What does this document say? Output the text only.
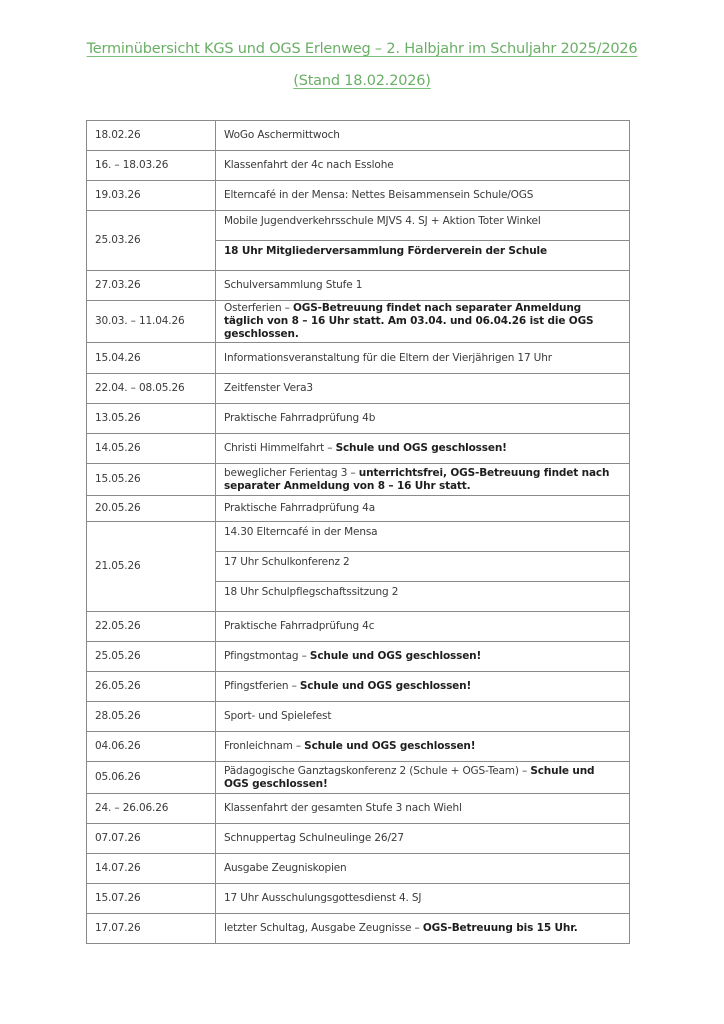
Terminübersicht KGS und OGS Erlenweg – 2. Halbjahr im Schuljahr 2025/2026
(Stand 18.02.2026)
18.02.26	WoGo Aschermittwoch
16. – 18.03.26	Klassenfahrt der 4c nach Esslohe
19.03.26	Elterncafé in der Mensa: Nettes Beisammensein Schule/OGS
25.03.26	Mobile Jugendverkehrsschule MJVS 4. SJ + Aktion Toter Winkel
	18 Uhr Mitgliederversammlung Förderverein der Schule
27.03.26	Schulversammlung Stufe 1
30.03. – 11.04.26	Osterferien – OGS-Betreuung findet nach separater Anmeldung täglich von 8 – 16 Uhr statt. Am 03.04. und 06.04.26 ist die OGS geschlossen.
15.04.26	Informationsveranstaltung für die Eltern der Vierjährigen 17 Uhr
22.04. – 08.05.26	Zeitfenster Vera3
13.05.26	Praktische Fahrradprüfung 4b
14.05.26	Christi Himmelfahrt – Schule und OGS geschlossen!
15.05.26	beweglicher Ferientag 3 – unterrichtsfrei, OGS-Betreuung findet nach separater Anmeldung von 8 – 16 Uhr statt.
20.05.26	Praktische Fahrradprüfung 4a
21.05.26	14.30 Elterncafé in der Mensa
	17 Uhr Schulkonferenz 2
	18 Uhr Schulpflegschaftssitzung 2
22.05.26	Praktische Fahrradprüfung 4c
25.05.26	Pfingstmontag – Schule und OGS geschlossen!
26.05.26	Pfingstferien – Schule und OGS geschlossen!
28.05.26	Sport- und Spielefest
04.06.26	Fronleichnam – Schule und OGS geschlossen!
05.06.26	Pädagogische Ganztagskonferenz 2 (Schule + OGS-Team) – Schule und OGS geschlossen!
24. – 26.06.26	Klassenfahrt der gesamten Stufe 3 nach Wiehl
07.07.26	Schnuppertag Schulneulinge 26/27
14.07.26	Ausgabe Zeugniskopien
15.07.26	17 Uhr Ausschulungsgottesdienst 4. SJ
17.07.26	letzter Schultag, Ausgabe Zeugnisse – OGS-Betreuung bis 15 Uhr.
